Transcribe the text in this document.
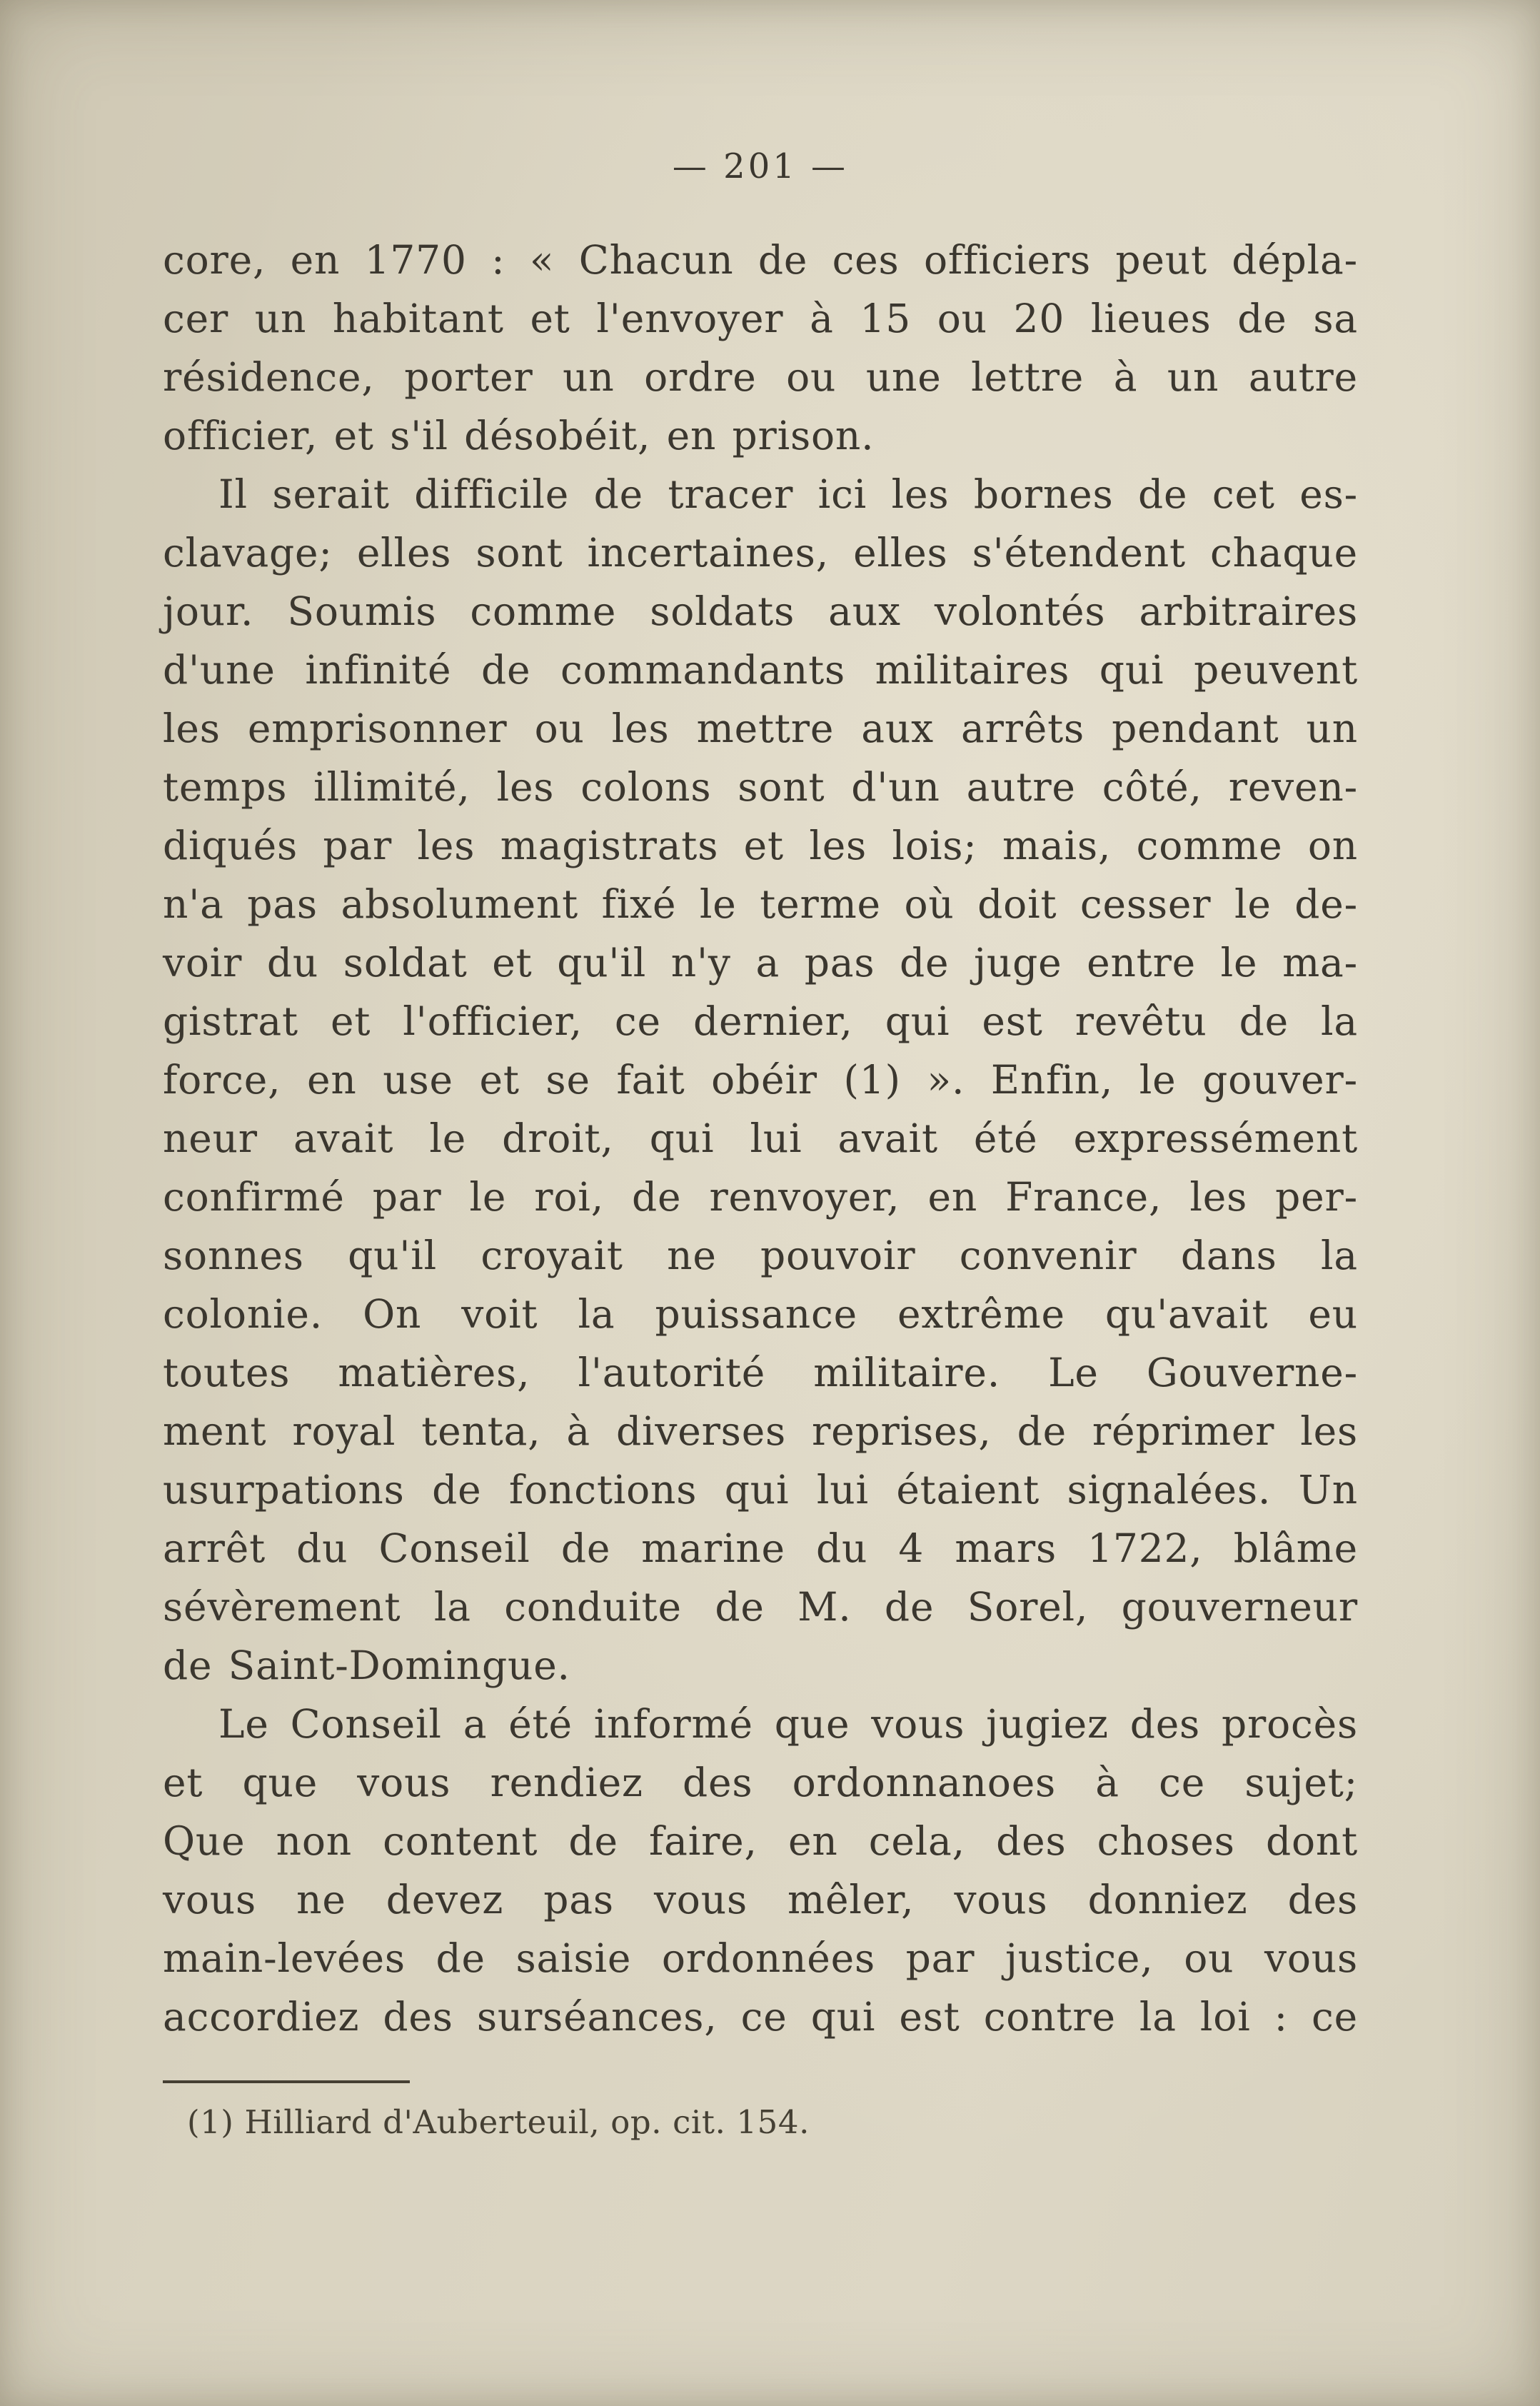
— 201 —
core, en 1770 : « Chacun de ces officiers peut dépla-
cer un habitant et l'envoyer à 15 ou 20 lieues de sa
résidence, porter un ordre ou une lettre à un autre
officier, et s'il désobéit, en prison.
Il serait difficile de tracer ici les bornes de cet es-
clavage; elles sont incertaines, elles s'étendent chaque
jour. Soumis comme soldats aux volontés arbitraires
d'une infinité de commandants militaires qui peuvent
les emprisonner ou les mettre aux arrêts pendant un
temps illimité, les colons sont d'un autre côté, reven-
diqués par les magistrats et les lois; mais, comme on
n'a pas absolument fixé le terme où doit cesser le de-
voir du soldat et qu'il n'y a pas de juge entre le ma-
gistrat et l'officier, ce dernier, qui est revêtu de la
force, en use et se fait obéir (1) ». Enfin, le gouver-
neur avait le droit, qui lui avait été expressément
confirmé par le roi, de renvoyer, en France, les per-
sonnes qu'il croyait ne pouvoir convenir dans la
colonie. On voit la puissance extrême qu'avait eu
toutes matières, l'autorité militaire. Le Gouverne-
ment royal tenta, à diverses reprises, de réprimer les
usurpations de fonctions qui lui étaient signalées. Un
arrêt du Conseil de marine du 4 mars 1722, blâme
sévèrement la conduite de M. de Sorel, gouverneur
de Saint-Domingue.
Le Conseil a été informé que vous jugiez des procès
et que vous rendiez des ordonnanoes à ce sujet;
Que non content de faire, en cela, des choses dont
vous ne devez pas vous mêler, vous donniez des
main-levées de saisie ordonnées par justice, ou vous
accordiez des surséances, ce qui est contre la loi : ce
(1) Hilliard d'Auberteuil, op. cit. 154.
